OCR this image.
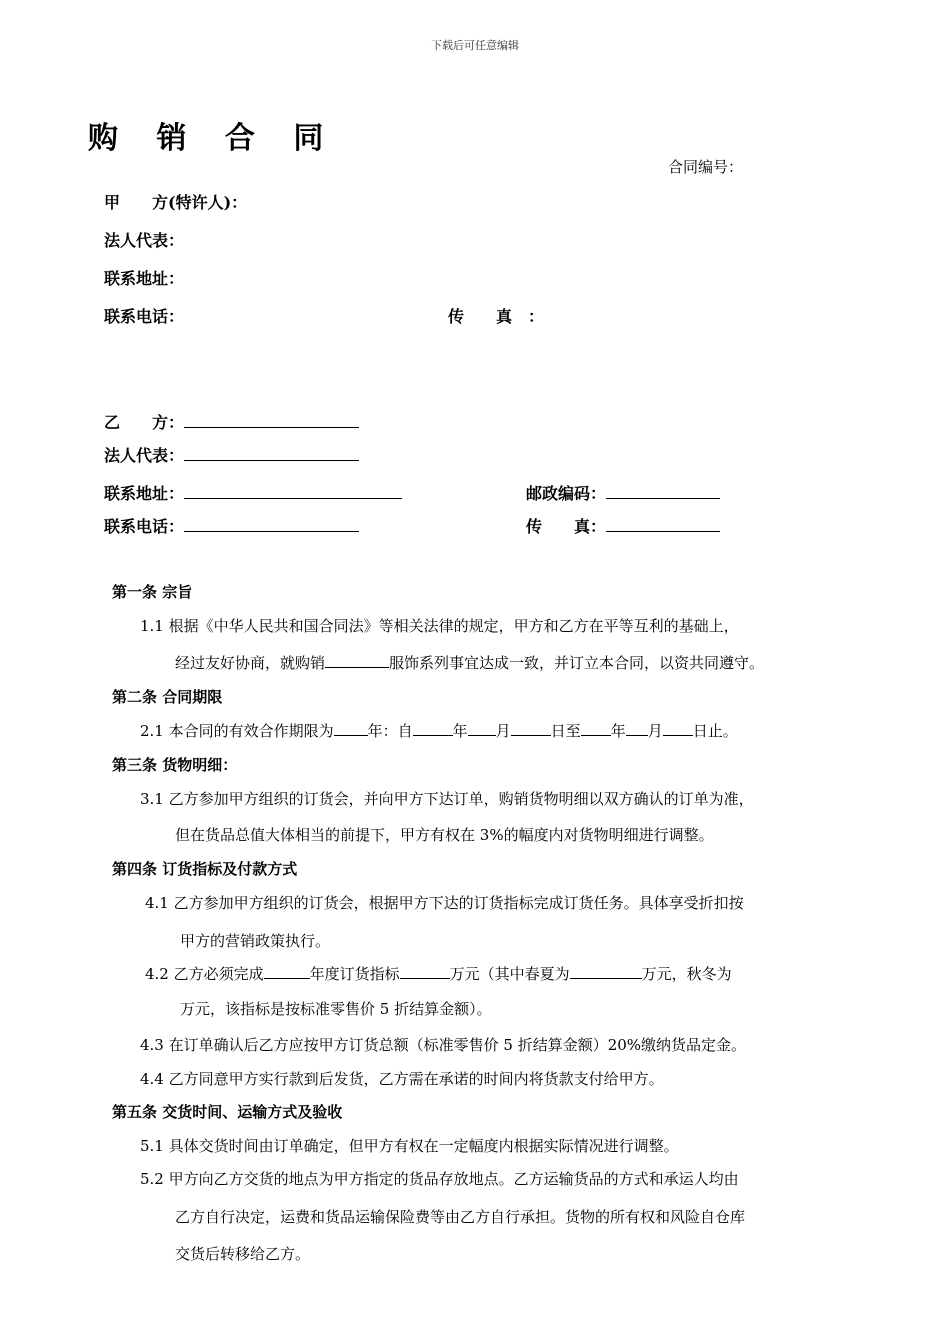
下载后可任意编辑
购 销 合 同
合同编号：
甲　　方(特许人)：
法人代表：
联系地址：
联系电话：	传　　真　：
乙　　方：
法人代表：
联系地址：	邮政编码：
联系电话：	传　　真：
第一条 宗旨
1.1 根据《中华人民共和国合同法》等相关法律的规定，甲方和乙方在平等互利的基础上，
经过友好协商，就购销	服饰系列事宜达成一致，并订立本合同，以资共同遵守。
第二条 合同期限
2.1 本合同的有效合作期限为 年：自	年 月	日至 年 月 日止。
第三条 货物明细：
3.1 乙方参加甲方组织的订货会，并向甲方下达订单，购销货物明细以双方确认的订单为准，
但在货品总值大体相当的前提下，甲方有权在 3%的幅度内对货物明细进行调整。
第四条 订货指标及付款方式
4.1 乙方参加甲方组织的订货会，根据甲方下达的订货指标完成订货任务。具体享受折扣按
甲方的营销政策执行。
4.2 乙方必须完成	年度订货指标	万元（其中春夏为	万元，秋冬为
万元，该指标是按标准零售价 5 折结算金额）。
4.3 在订单确认后乙方应按甲方订货总额（标准零售价 5 折结算金额）20%缴纳货品定金。
4.4 乙方同意甲方实行款到后发货，乙方需在承诺的时间内将货款支付给甲方。
第五条 交货时间、运输方式及验收
5.1 具体交货时间由订单确定，但甲方有权在一定幅度内根据实际情况进行调整。
5.2 甲方向乙方交货的地点为甲方指定的货品存放地点。乙方运输货品的方式和承运人均由
乙方自行决定，运费和货品运输保险费等由乙方自行承担。货物的所有权和风险自仓库
交货后转移给乙方。
